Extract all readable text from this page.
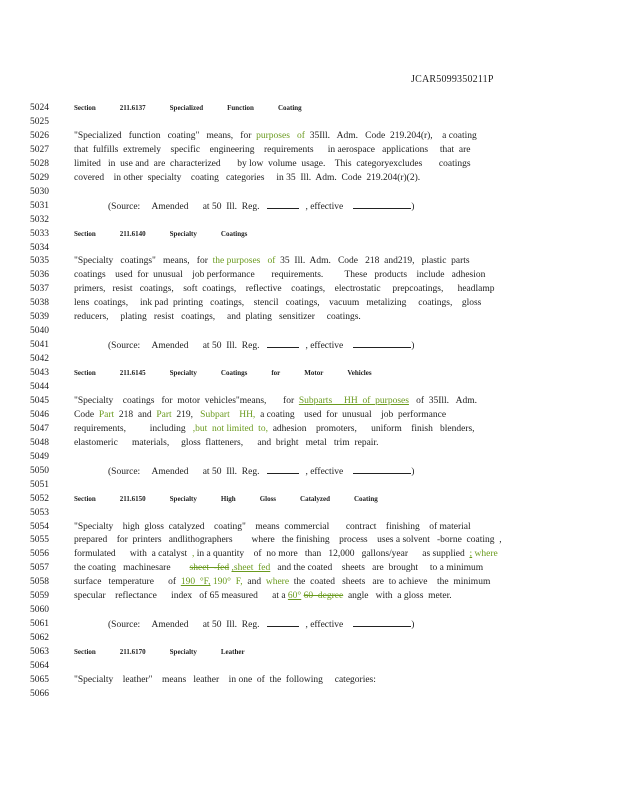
JCAR5099350211P
5024	Section	211.6137	Specialized	Function	Coating
5025
5026	"Specialized   function   coating"   means,   for  purposes   of  35Ill.   Adm.   Code  219.204(r),    a coating
5027	that  fulfills  extremely    specific    engineering    requirements      in aerospace   applications     that  are
5028	limited   in  use and  are  characterized       by low  volume  usage.    This  categoryexcludes       coatings
5029	covered    in other  specialty    coating   categories     in 35  Ill.  Adm.  Code  219.204(r)(2).
5030
5031	(Source:     Amended      at 50  Ill.  Reg.	, effective	)
5032
5033	Section	211.6140	Specialty	Coatings
5034
5035	"Specialty   coatings"   means,   for  the purposes   of  35  Ill.  Adm.   Code   218  and219,   plastic  parts
5036	coatings    used  for  unusual    job performance       requirements.         These   products    include   adhesion
5037	primers,   resist   coatings,    soft  coatings,    reflective    coatings,    electrostatic     prepcoatings,      headlamp
5038	lens  coatings,     ink pad  printing   coatings,    stencil   coatings,    vacuum   metalizing     coatings,    gloss
5039	reducers,     plating   resist   coatings,     and  plating   sensitizer     coatings.
5040
5041	(Source:     Amended      at 50  Ill.  Reg.	, effective	)
5042
5043	Section	211.6145	Specialty	Coatings	for	Motor	Vehicles
5044
5045	"Specialty    coatings   for  motor  vehicles"means,       for  Subparts     HH  of  purposes   of  35Ill.   Adm.
5046	Code  Part  218  and  Part  219,   Subpart    HH,  a coating    used  for  unusual    job  performance
5047	requirements,          including   ,but  not limited  to,  adhesion    promoters,      uniform    finish   blenders,
5048	elastomeric      materials,     gloss  flatteners,      and  bright   metal   trim  repair.
5049
5050	(Source:     Amended      at 50  Ill.  Reg.	, effective	)
5051
5052	Section	211.6150	Specialty	High	Gloss	Catalyzed	Coating
5053
5054	"Specialty    high  gloss  catalyzed    coating"    means  commercial       contract    finishing    of material
5055	prepared    for  printers   andlithographers        where   the finishing    process    uses a solvent   -borne  coating  ,
5056	formulated      with  a catalyst  , in a quantity    of  no more   than   12,000   gallons/year      as supplied  ; where
5057	the coating   machinesare        sheet  -fed ,sheet  fed   and the coated    sheets   are  brought     to a minimum
5058	surface   temperature      of  190  °F, 190°  F,  and  where  the  coated   sheets   are  to achieve    the  minimum
5059	specular    reflectance      index   of 65 measured      at a 60° 60  degree  angle   with  a gloss  meter.
5060
5061	(Source:     Amended      at 50  Ill.  Reg.	, effective	)
5062
5063	Section	211.6170	Specialty	Leather
5064
5065	"Specialty    leather"    means   leather    in one  of  the  following     categories:
5066
